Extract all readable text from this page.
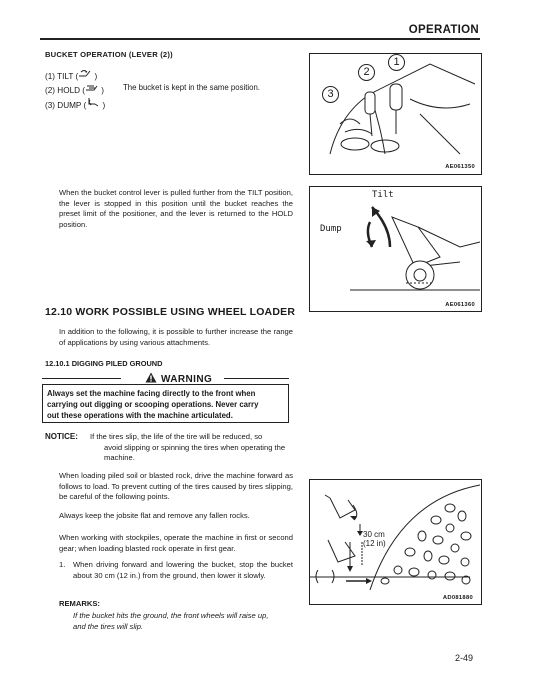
OPERATION
BUCKET OPERATION (LEVER (2))
(1) TILT ( )
(2) HOLD ( )
(3) DUMP ( )
The bucket is kept in the same position.
1
2
3
AE061350
When the bucket control lever is pulled further from the TILT position, the lever is stopped in this position until the bucket reaches the preset limit of the positioner, and the lever is returned to the HOLD position.
Tilt
Dump
AE061360
12.10 WORK POSSIBLE USING WHEEL LOADER
In addition to the following, it is possible to further increase the range of applications by using various attachments.
12.10.1 DIGGING PILED GROUND
WARNING
Always set the machine facing directly to the front when
carrying out digging or scooping operations. Never carry
out these operations with the machine articulated.
NOTICE: If the tires slip, the life of the tire will be reduced, so
avoid slipping or spinning the tires when operating the
machine.
When loading piled soil or blasted rock, drive the machine forward as follows to load. To prevent cutting of the tires caused by tires slipping, be careful of the following points.
Always keep the jobsite flat and remove any fallen rocks.
When working with stockpiles, operate the machine in first or second gear; when loading blasted rock operate in first gear.
1. When driving forward and lowering the bucket, stop the bucket about 30 cm (12 in.) from the ground, then lower it slowly.
REMARKS:
If the bucket hits the ground, the front wheels will raise up,
and the tires will slip.
30 cm
(12 in)
AD081880
2-49
